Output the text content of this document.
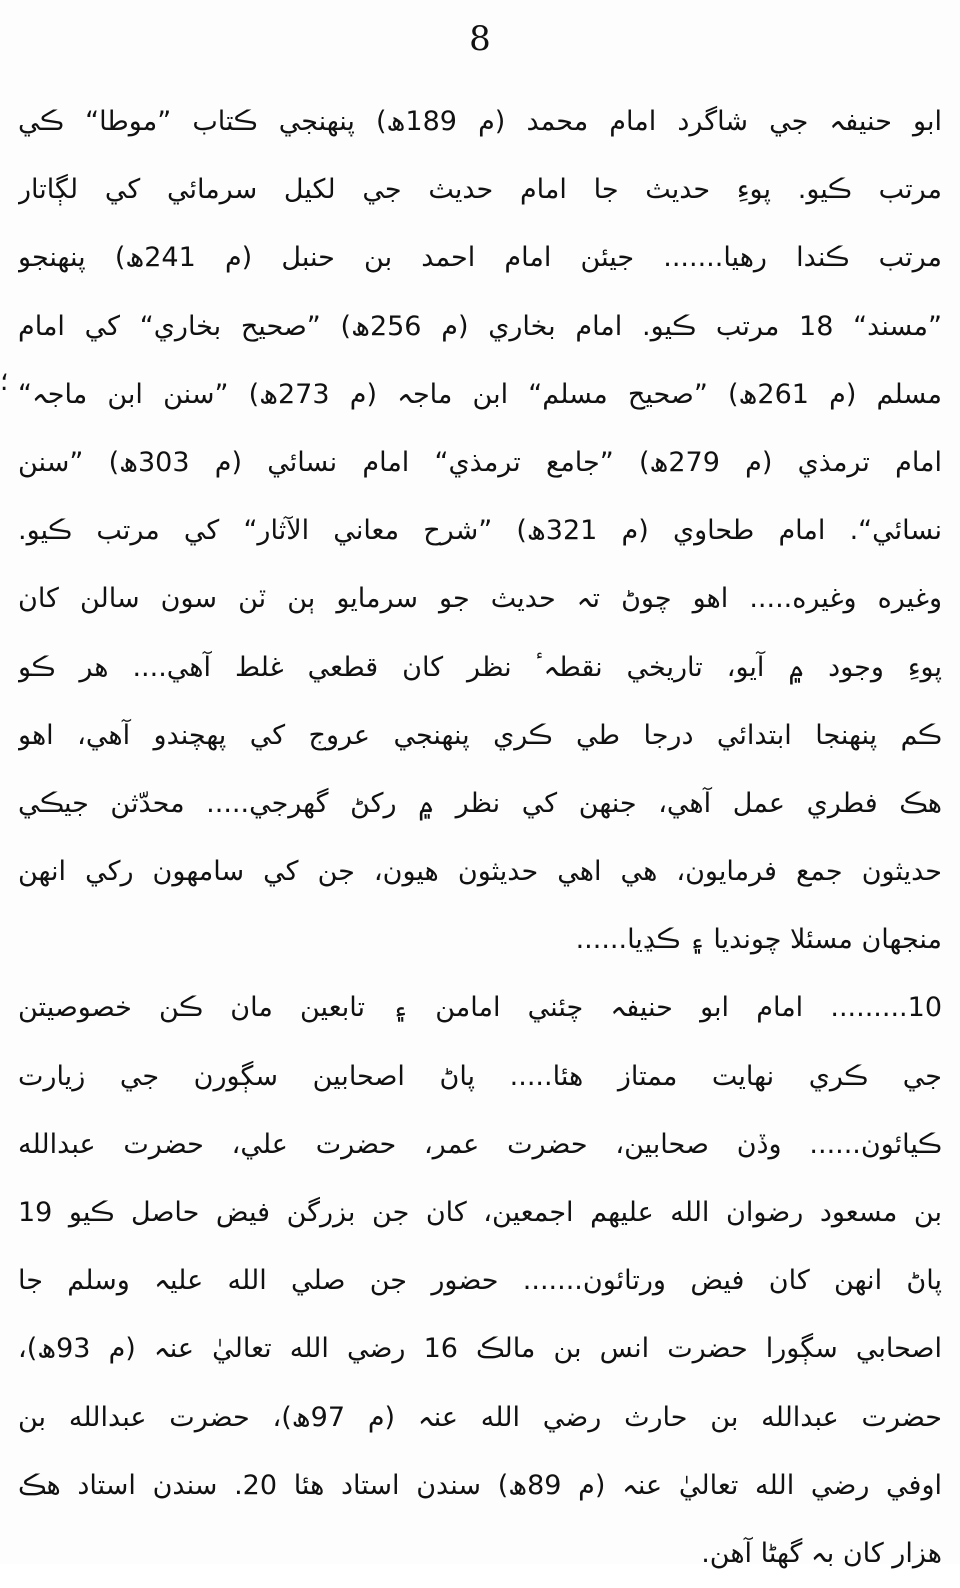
8
؛
ابو حنيفہ جي شاگرد امام محمد (م 189ھ) پنهنجي ڪتاب ”موطا“ ڪي
مرتب ڪيو. پوءِ حديث جا امام حديث جي لکيل سرمائي کي لڳاتار
مرتب ڪندا رهيا....... جيئن امام احمد بن حنبل (م 241ھ) پنهنجو
”مسند“ 18 مرتب ڪيو. امام بخاري (م 256ھ) ”صحيح بخاري“ کي امام
مسلم (م 261ھ) ”صحيح مسلم“ ابن ماجہ (م 273ھ) ”سنن ابن ماجہ“
امام ترمذي (م 279ھ) ”جامع ترمذي“ امام نسائي (م 303ھ) ”سنن
نسائي“. امام طحاوي (م 321ھ) ”شرح معاني الآثار“ کي مرتب ڪيو.
وغيره وغيره..... اهو چوڻ تہ حديث جو سرمايو ٻن ٽن سون سالن کان
پوءِ وجود ۾ آيو، تاريخي نقطہٴ نظر کان قطعي غلط آهي.... هر ڪو
ڪم پنهنجا ابتدائي درجا طي ڪري پنهنجي عروج کي پهچندو آهي، اهو
هڪ فطري عمل آهي، جنهن کي نظر ۾ رکڻ گهرجي..... محدّثن جيڪي
حديثون جمع فرمايون، هي اهي حديثون هيون، جن کي سامهون رکي انهن
منجهان مسئلا چونديا ۽ ڪڍيا......
10......... امام ابو حنيفہ چئني امامن ۽ تابعين مان ڪن خصوصيتن
جي ڪري نهايت ممتاز هئا..... پاڻ اصحابين سڳورن جي زيارت
ڪيائون...... وڏن صحابين، حضرت عمر، حضرت علي، حضرت عبدالله
بن مسعود رضوان الله عليهم اجمعين، کان جن بزرگن فيض حاصل ڪيو 19
پاڻ انهن کان فيض ورتائون....... حضور جن صلي الله عليہ وسلم جا
اصحابي سڳورا حضرت انس بن مالڪ 16 رضي الله تعاليٰ عنہ (م 93ھ)،
حضرت عبدالله بن حارث رضي الله عنہ (م 97ھ)، حضرت عبدالله بن
اوفي رضي الله تعاليٰ عنہ (م 89ھ) سندن استاد هئا 20. سندن استاد هڪ
هزار کان بہ گهڻا آهن.
